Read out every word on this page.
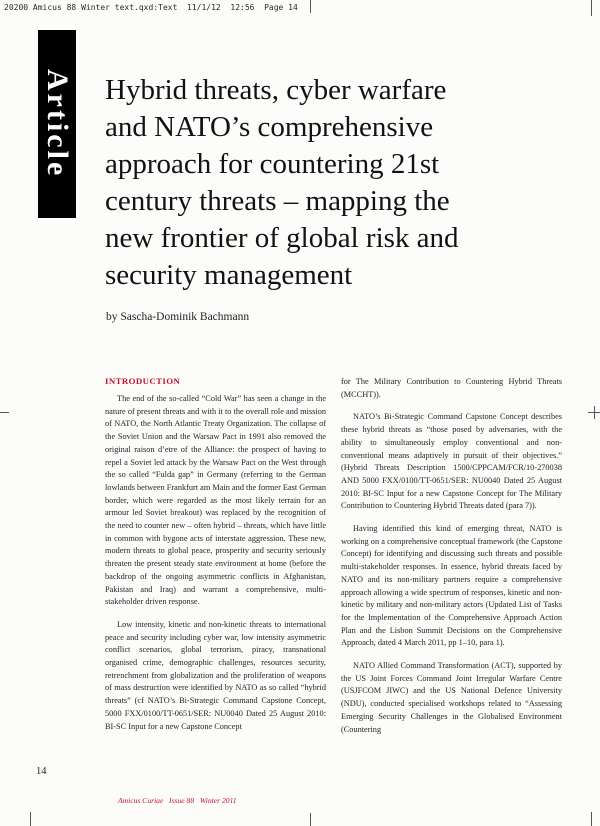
20200 Amicus 88 Winter text.qxd:Text  11/1/12  12:56  Page 14
Article Hybrid threats, cyber warfare
and NATO’s comprehensive
approach for countering 21st
century threats – mapping the
new frontier of global risk and
security management
by Sascha-Dominik Bachmann
INTRODUCTION

The end of the so-called “Cold War” has seen a change in the nature of present threats and with it to the overall role and mission of NATO, the North Atlantic Treaty Organization. The collapse of the Soviet Union and the Warsaw Pact in 1991 also removed the original raison d’etre of the Alliance: the prospect of having to repel a Soviet led attack by the Warsaw Pact on the West through the so called “Fulda gap” in Germany (referring to the German lowlands between Frankfurt am Main and the former East German border, which were regarded as the most likely terrain for an armour led Soviet breakout) was replaced by the recognition of the need to counter new – often hybrid – threats, which have little in common with bygone acts of interstate aggression. These new, modern threats to global peace, prosperity and security seriously threaten the present steady state environment at home (before the backdrop of the ongoing asymmetric conflicts in Afghanistan, Pakistan and Iraq) and warrant a comprehensive, multi-stakeholder driven response.

Low intensity, kinetic and non-kinetic threats to international peace and security including cyber war, low intensity asymmetric conflict scenarios, global terrorism, piracy, transnational organised crime, demographic challenges, resources security, retrenchment from globalization and the proliferation of weapons of mass destruction were identified by NATO as so called “hybrid threats” (cf NATO’s Bi-Strategic Command Capstone Concept, 5000 FXX/0100/TT-0651/SER: NU0040 Dated 25 August 2010: BI-SC Input for a new Capstone Concept

for The Military Contribution to Countering Hybrid Threats (MCCHT)).

NATO’s Bi-Strategic Command Capstone Concept describes these hybrid threats as “those posed by adversaries, with the ability to simultaneously employ conventional and non-conventional means adaptively in pursuit of their objectives.” (Hybrid Threats Description 1500/CPPCAM/FCR/10-270038 AND 5000 FXX/0100/TT-0651/SER: NU0040 Dated 25 August 2010: BI-SC Input for a new Capstone Concept for The Military Contribution to Countering Hybrid Threats dated (para 7)).

Having identified this kind of emerging threat, NATO is working on a comprehensive conceptual framework (the Capstone Concept) for identifying and discussing such threats and possible multi-stakeholder responses. In essence, hybrid threats faced by NATO and its non-military partners require a comprehensive approach allowing a wide spectrum of responses, kinetic and non-kinetic by military and non-military actors (Updated List of Tasks for the Implementation of the Comprehensive Approach Action Plan and the Lisbon Summit Decisions on the Comprehensive Approach, dated 4 March 2011, pp 1–10, para 1).

NATO Allied Command Transformation (ACT), supported by the US Joint Forces Command Joint Irregular Warfare Centre (USJFCOM JIWC) and the US National Defence University (NDU), conducted specialised workshops related to “Assessing Emerging Security Challenges in the Globalised Environment (Countering

14
Amicus Curiae   Issue 88   Winter 2011
